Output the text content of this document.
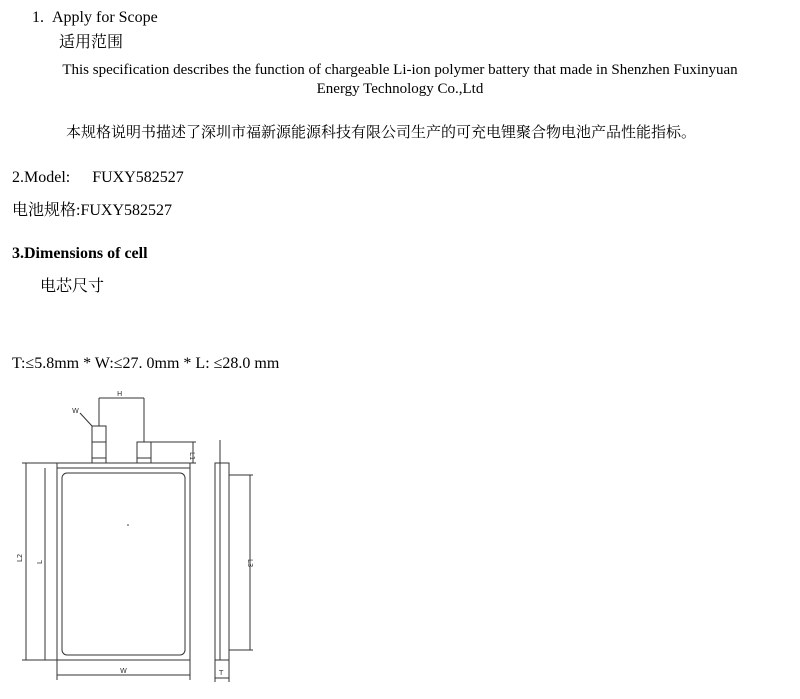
1.  Apply for Scope
适用范围
This specification describes the function of chargeable Li-ion polymer battery that made in Shenzhen Fuxinyuan
Energy Technology Co.,Ltd
本规格说明书描述了深圳市福新源能源科技有限公司生产的可充电锂聚合物电池产品性能指标。
2.Model: FUXY582527
电池规格:FUXY582527
3.Dimensions of cell
电芯尺寸
T:≤5.8mm * W:≤27. 0mm * L: ≤28.0 mm
H
W
L1
L2
L
W
L3
T
